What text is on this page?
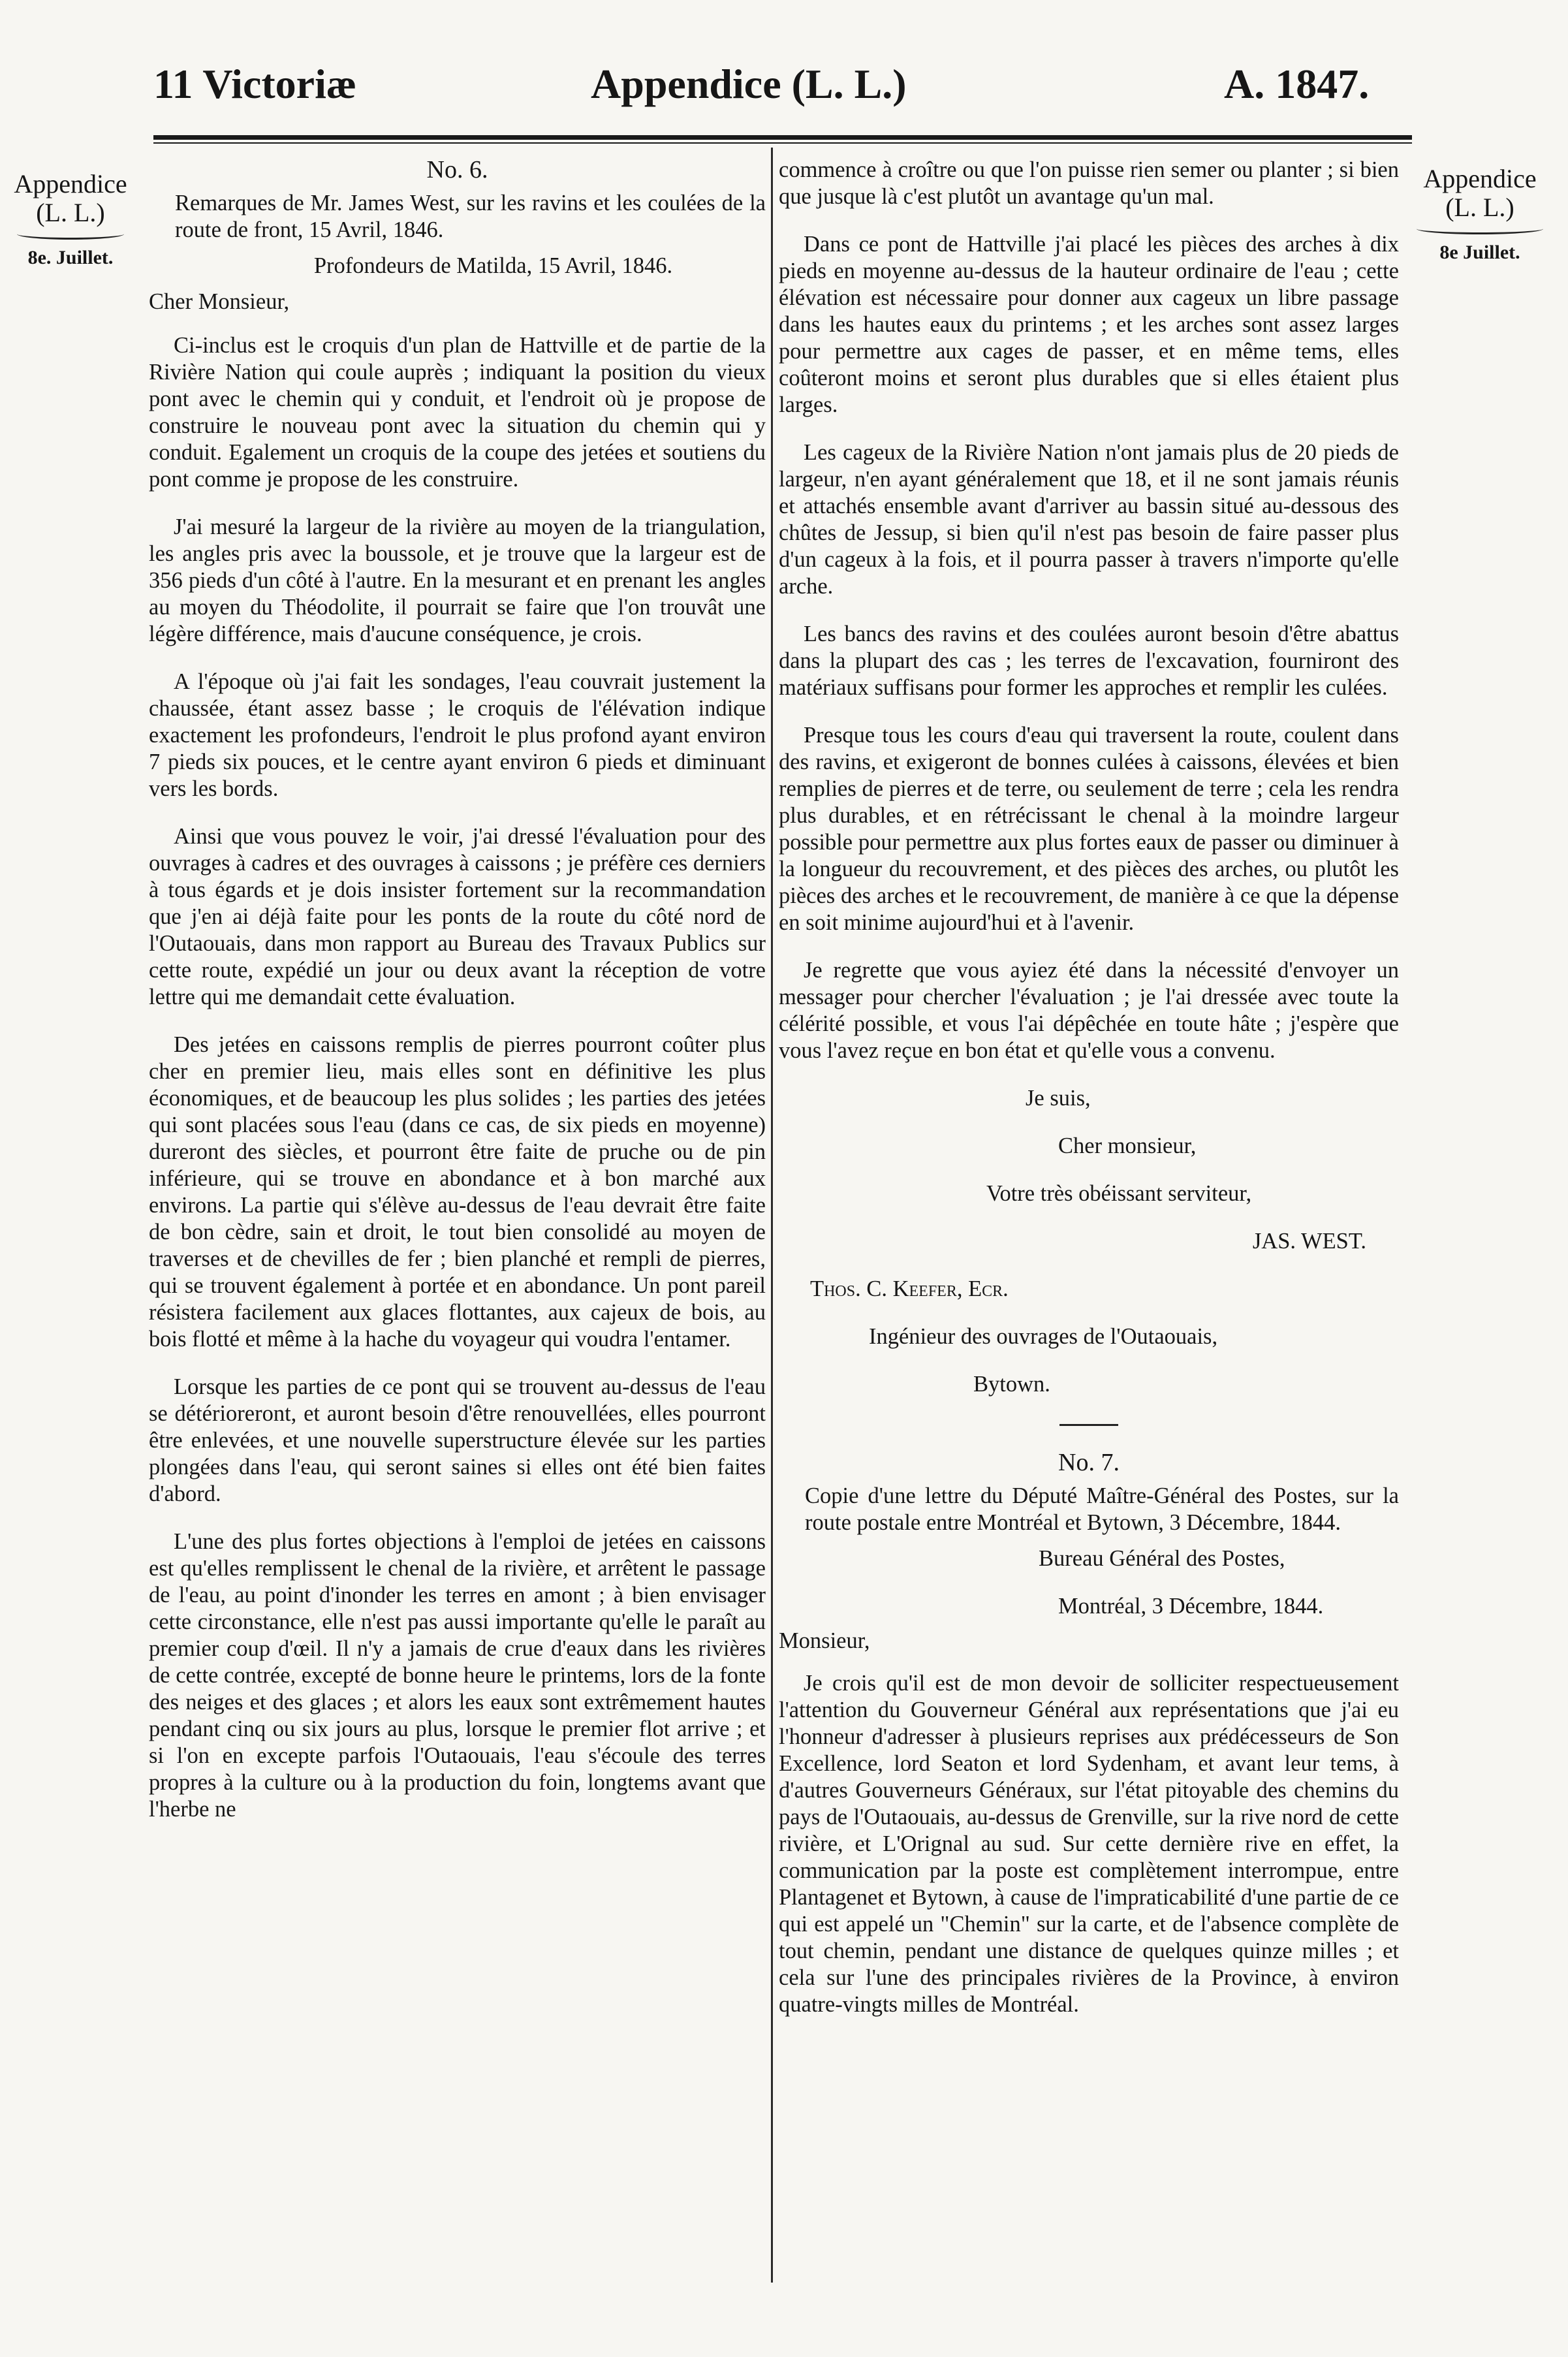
11 Victoriæ	Appendice (L. L.)	A. 1847.
Appendice
(L. L.)
8e. Juillet.
Appendice
(L. L.)
8e Juillet.

No. 6.

Remarques de Mr. James West, sur les ravins et les coulées de la route de front, 15 Avril, 1846.

Profondeurs de Matilda, 15 Avril, 1846.

Cher Monsieur,

Ci-inclus est le croquis d'un plan de Hattville et de partie de la Rivière Nation qui coule auprès ; indiquant la position du vieux pont avec le chemin qui y conduit, et l'endroit où je propose de construire le nouveau pont avec la situation du chemin qui y conduit. Egalement un croquis de la coupe des jetées et soutiens du pont comme je propose de les construire.

J'ai mesuré la largeur de la rivière au moyen de la triangulation, les angles pris avec la boussole, et je trouve que la largeur est de 356 pieds d'un côté à l'autre. En la mesurant et en prenant les angles au moyen du Théodolite, il pourrait se faire que l'on trouvât une légère différence, mais d'aucune conséquence, je crois.

A l'époque où j'ai fait les sondages, l'eau couvrait justement la chaussée, étant assez basse ; le croquis de l'élévation indique exactement les profondeurs, l'endroit le plus profond ayant environ 7 pieds six pouces, et le centre ayant environ 6 pieds et diminuant vers les bords.

Ainsi que vous pouvez le voir, j'ai dressé l'évaluation pour des ouvrages à cadres et des ouvrages à caissons ; je préfère ces derniers à tous égards et je dois insister fortement sur la recommandation que j'en ai déjà faite pour les ponts de la route du côté nord de l'Outaouais, dans mon rapport au Bureau des Travaux Publics sur cette route, expédié un jour ou deux avant la réception de votre lettre qui me demandait cette évaluation.

Des jetées en caissons remplis de pierres pourront coûter plus cher en premier lieu, mais elles sont en définitive les plus économiques, et de beaucoup les plus solides ; les parties des jetées qui sont placées sous l'eau (dans ce cas, de six pieds en moyenne) dureront des siècles, et pourront être faite de pruche ou de pin inférieure, qui se trouve en abondance et à bon marché aux environs. La partie qui s'élève au-dessus de l'eau devrait être faite de bon cèdre, sain et droit, le tout bien consolidé au moyen de traverses et de chevilles de fer ; bien planché et rempli de pierres, qui se trouvent également à portée et en abondance. Un pont pareil résistera facilement aux glaces flottantes, aux cajeux de bois, au bois flotté et même à la hache du voyageur qui voudra l'entamer.

Lorsque les parties de ce pont qui se trouvent au-dessus de l'eau se détérioreront, et auront besoin d'être renouvellées, elles pourront être enlevées, et une nouvelle superstructure élevée sur les parties plongées dans l'eau, qui seront saines si elles ont été bien faites d'abord.

L'une des plus fortes objections à l'emploi de jetées en caissons est qu'elles remplissent le chenal de la rivière, et arrêtent le passage de l'eau, au point d'inonder les terres en amont ; à bien envisager cette circonstance, elle n'est pas aussi importante qu'elle le paraît au premier coup d'œil. Il n'y a jamais de crue d'eaux dans les rivières de cette contrée, excepté de bonne heure le printems, lors de la fonte des neiges et des glaces ; et alors les eaux sont extrêmement hautes pendant cinq ou six jours au plus, lorsque le premier flot arrive ; et si l'on en excepte parfois l'Outaouais, l'eau s'écoule des terres propres à la culture ou à la production du foin, longtems avant que l'herbe ne

commence à croître ou que l'on puisse rien semer ou planter ; si bien que jusque là c'est plutôt un avantage qu'un mal.

Dans ce pont de Hattville j'ai placé les pièces des arches à dix pieds en moyenne au-dessus de la hauteur ordinaire de l'eau ; cette élévation est nécessaire pour donner aux cageux un libre passage dans les hautes eaux du printems ; et les arches sont assez larges pour permettre aux cages de passer, et en même tems, elles coûteront moins et seront plus durables que si elles étaient plus larges.

Les cageux de la Rivière Nation n'ont jamais plus de 20 pieds de largeur, n'en ayant généralement que 18, et il ne sont jamais réunis et attachés ensemble avant d'arriver au bassin situé au-dessous des chûtes de Jessup, si bien qu'il n'est pas besoin de faire passer plus d'un cageux à la fois, et il pourra passer à travers n'importe qu'elle arche.

Les bancs des ravins et des coulées auront besoin d'être abattus dans la plupart des cas ; les terres de l'excavation, fourniront des matériaux suffisans pour former les approches et remplir les culées.

Presque tous les cours d'eau qui traversent la route, coulent dans des ravins, et exigeront de bonnes culées à caissons, élevées et bien remplies de pierres et de terre, ou seulement de terre ; cela les rendra plus durables, et en rétrécissant le chenal à la moindre largeur possible pour permettre aux plus fortes eaux de passer ou diminuer à la longueur du recouvrement, et des pièces des arches, ou plutôt les pièces des arches et le recouvrement, de manière à ce que la dépense en soit minime aujourd'hui et à l'avenir.

Je regrette que vous ayiez été dans la nécessité d'envoyer un messager pour chercher l'évaluation ; je l'ai dressée avec toute la célérité possible, et vous l'ai dépêchée en toute hâte ; j'espère que vous l'avez reçue en bon état et qu'elle vous a convenu.

Je suis,

Cher monsieur,

Votre très obéissant serviteur,

JAS. WEST.

Thos. C. Keefer, Ecr.

Ingénieur des ouvrages de l'Outaouais,

Bytown.

No. 7.

Copie d'une lettre du Député Maître-Général des Postes, sur la route postale entre Montréal et Bytown, 3 Décembre, 1844.

Bureau Général des Postes,

Montréal, 3 Décembre, 1844.

Monsieur,

Je crois qu'il est de mon devoir de solliciter respectueusement l'attention du Gouverneur Général aux représentations que j'ai eu l'honneur d'adresser à plusieurs reprises aux prédécesseurs de Son Excellence, lord Seaton et lord Sydenham, et avant leur tems, à d'autres Gouverneurs Généraux, sur l'état pitoyable des chemins du pays de l'Outaouais, au-dessus de Grenville, sur la rive nord de cette rivière, et L'Orignal au sud. Sur cette dernière rive en effet, la communication par la poste est complètement interrompue, entre Plantagenet et Bytown, à cause de l'impraticabilité d'une partie de ce qui est appelé un "Chemin" sur la carte, et de l'absence complète de tout chemin, pendant une distance de quelques quinze milles ; et cela sur l'une des principales rivières de la Province, à environ quatre-vingts milles de Montréal.
